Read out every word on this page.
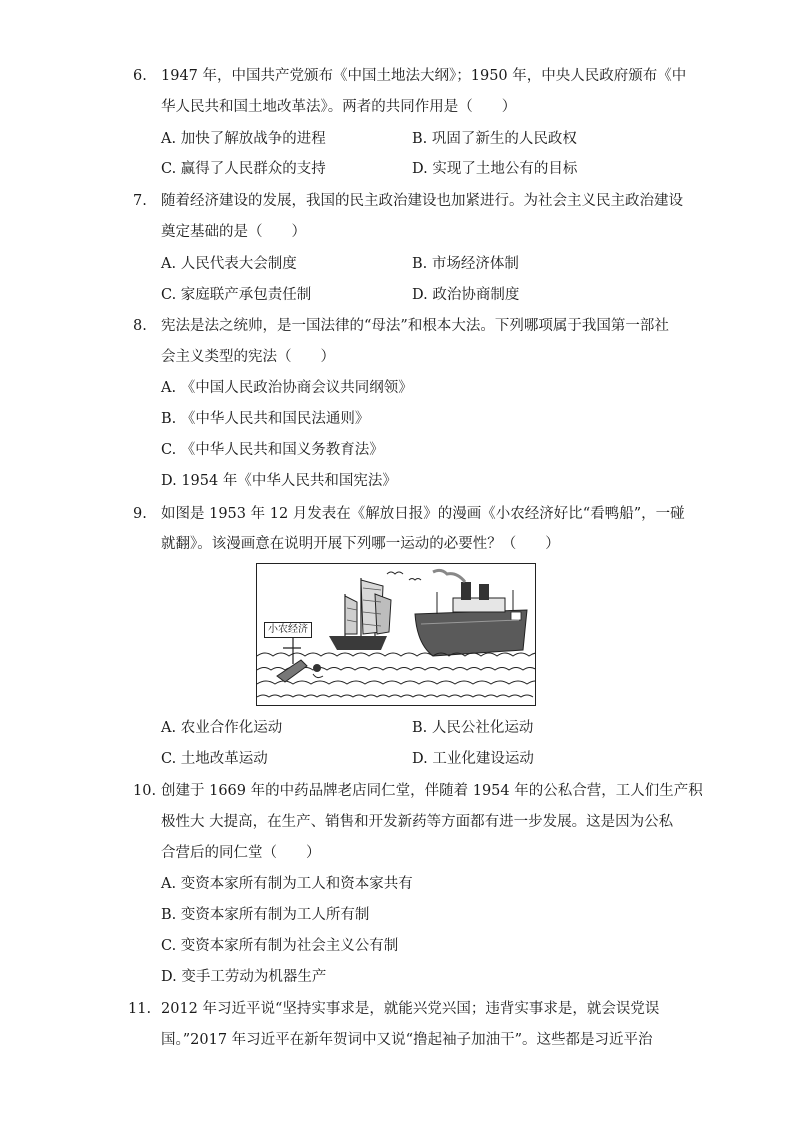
6. 1947 年，中国共产党颁布《中国土地法大纲》；1950 年，中央人民政府颁布《中
华人民共和国土地改革法》。两者的共同作用是（　　）
A. 加快了解放战争的进程	B. 巩固了新生的人民政权
C. 赢得了人民群众的支持	D. 实现了土地公有的目标
7. 随着经济建设的发展，我国的民主政治建设也加紧进行。为社会主义民主政治建设
奠定基础的是（　　）
A. 人民代表大会制度	B. 市场经济体制
C. 家庭联产承包责任制	D. 政治协商制度
8. 宪法是法之统帅，是一国法律的“母法”和根本大法。下列哪项属于我国第一部社
会主义类型的宪法（　　）
A. 《中国人民政治协商会议共同纲领》
B. 《中华人民共和国民法通则》
C. 《中华人民共和国义务教育法》
D. 1954 年《中华人民共和国宪法》
9. 如图是 1953 年 12 月发表在《解放日报》的漫画《小农经济好比“看鸭船”，一碰
就翻》。该漫画意在说明开展下列哪一运动的必要性？（　　）
小农经济
A. 农业合作化运动	B. 人民公社化运动
C. 土地改革运动	D. 工业化建设运动
10. 创建于 1669 年的中药品牌老店同仁堂，伴随着 1954 年的公私合营，工人们生产积
极性大 大提高，在生产、销售和开发新药等方面都有进一步发展。这是因为公私
合营后的同仁堂（　　）
A. 变资本家所有制为工人和资本家共有
B. 变资本家所有制为工人所有制
C. 变资本家所有制为社会主义公有制
D. 变手工劳动为机器生产
11. 2012 年习近平说“坚持实事求是，就能兴党兴国；违背实事求是，就会误党误
国。”2017 年习近平在新年贺词中又说“撸起袖子加油干”。这些都是习近平治
